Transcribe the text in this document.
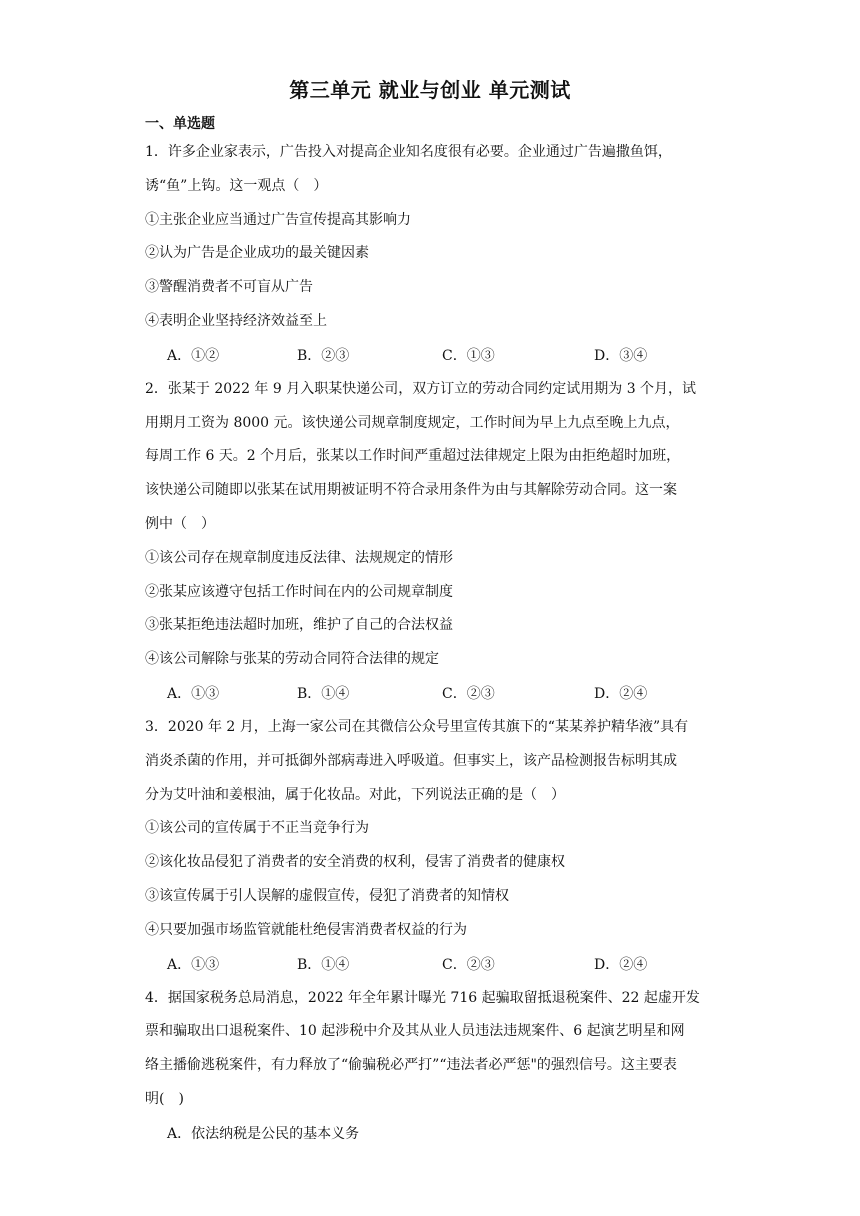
第三单元 就业与创业 单元测试
一、单选题
1．许多企业家表示，广告投入对提高企业知名度很有必要。企业通过广告遍撒鱼饵，
诱“鱼”上钩。这一观点（　）
①主张企业应当通过广告宣传提高其影响力
②认为广告是企业成功的最关键因素
③警醒消费者不可盲从广告
④表明企业坚持经济效益至上
A．①②	B．②③	C．①③	D．③④
2．张某于 2022 年 9 月入职某快递公司，双方订立的劳动合同约定试用期为 3 个月，试
用期月工资为 8000 元。该快递公司规章制度规定，工作时间为早上九点至晚上九点，
每周工作 6 天。2 个月后，张某以工作时间严重超过法律规定上限为由拒绝超时加班，
该快递公司随即以张某在试用期被证明不符合录用条件为由与其解除劳动合同。这一案
例中（　）
①该公司存在规章制度违反法律、法规规定的情形
②张某应该遵守包括工作时间在内的公司规章制度
③张某拒绝违法超时加班，维护了自己的合法权益
④该公司解除与张某的劳动合同符合法律的规定
A．①③	B．①④	C．②③	D．②④
3．2020 年 2 月，上海一家公司在其微信公众号里宣传其旗下的“某某养护精华液”具有
消炎杀菌的作用，并可抵御外部病毒进入呼吸道。但事实上，该产品检测报告标明其成
分为艾叶油和姜根油，属于化妆品。对此，下列说法正确的是（　）
①该公司的宣传属于不正当竞争行为
②该化妆品侵犯了消费者的安全消费的权利，侵害了消费者的健康权
③该宣传属于引人误解的虚假宣传，侵犯了消费者的知情权
④只要加强市场监管就能杜绝侵害消费者权益的行为
A．①③	B．①④	C．②③	D．②④
4．据国家税务总局消息，2022 年全年累计曝光 716 起骗取留抵退税案件、22 起虚开发
票和骗取出口退税案件、10 起涉税中介及其从业人员违法违规案件、6 起演艺明星和网
络主播偷逃税案件，有力释放了“偷骗税必严打”“违法者必严惩"的强烈信号。这主要表
明(　)
A．依法纳税是公民的基本义务
